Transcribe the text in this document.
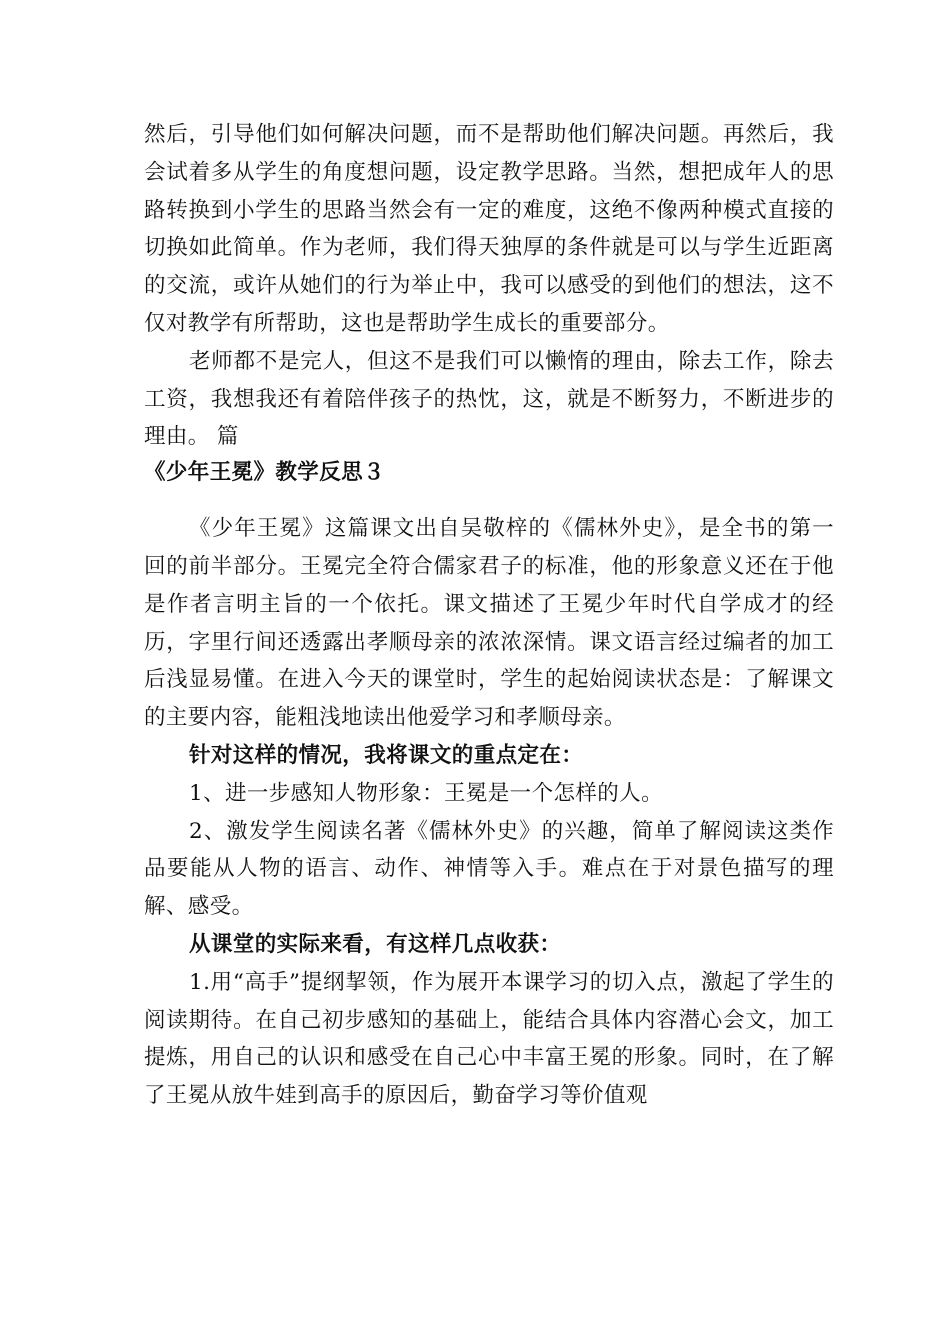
然后，引导他们如何解决问题，而不是帮助他们解决问题。再然后，我会试着多从学生的角度想问题，设定教学思路。当然，想把成年人的思路转换到小学生的思路当然会有一定的难度，这绝不像两种模式直接的切换如此简单。作为老师，我们得天独厚的条件就是可以与学生近距离的交流，或许从她们的行为举止中，我可以感受的到他们的想法，这不仅对教学有所帮助，这也是帮助学生成长的重要部分。

老师都不是完人，但这不是我们可以懒惰的理由，除去工作，除去工资，我想我还有着陪伴孩子的热忱，这，就是不断努力，不断进步的理由。 篇

《少年王冕》教学反思３

《少年王冕》这篇课文出自吴敬梓的《儒林外史》，是全书的第一回的前半部分。王冕完全符合儒家君子的标准，他的形象意义还在于他是作者言明主旨的一个依托。课文描述了王冕少年时代自学成才的经历，字里行间还透露出孝顺母亲的浓浓深情。课文语言经过编者的加工后浅显易懂。在进入今天的课堂时，学生的起始阅读状态是：了解课文的主要内容，能粗浅地读出他爱学习和孝顺母亲。

针对这样的情况，我将课文的重点定在：

1、进一步感知人物形象：王冕是一个怎样的人。

2、激发学生阅读名著《儒林外史》的兴趣，简单了解阅读这类作品要能从人物的语言、动作、神情等入手。难点在于对景色描写的理解、感受。

从课堂的实际来看，有这样几点收获：

1.用“高手”提纲挈领，作为展开本课学习的切入点，激起了学生的阅读期待。在自己初步感知的基础上，能结合具体内容潜心会文，加工提炼，用自己的认识和感受在自己心中丰富王冕的形象。同时，在了解了王冕从放牛娃到高手的原因后，勤奋学习等价值观
